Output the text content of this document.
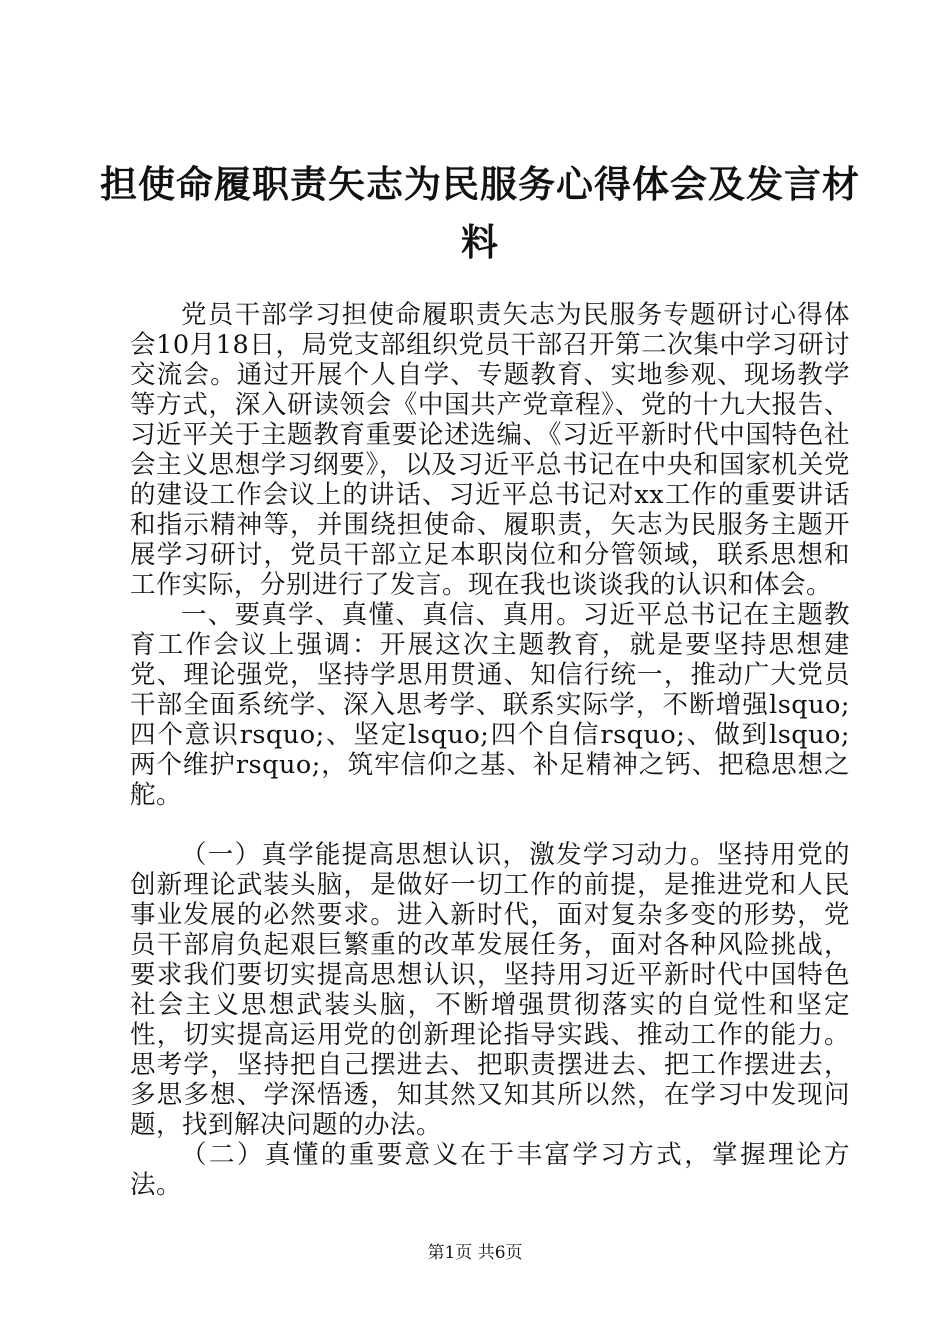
担使命履职责矢志为民服务心得体会及发言材料

党员干部学习担使命履职责矢志为民服务专题研讨心得体会10月18日，局党支部组织党员干部召开第二次集中学习研讨交流会。通过开展个人自学、专题教育、实地参观、现场教学等方式，深入研读领会《中国共产党章程》、党的十九大报告、习近平关于主题教育重要论述选编、《习近平新时代中国特色社会主义思想学习纲要》，以及习近平总书记在中央和国家机关党的建设工作会议上的讲话、习近平总书记对xx工作的重要讲话和指示精神等，并围绕担使命、履职责，矢志为民服务主题开展学习研讨，党员干部立足本职岗位和分管领域，联系思想和工作实际，分别进行了发言。现在我也谈谈我的认识和体会。

一、要真学、真懂、真信、真用。习近平总书记在主题教育工作会议上强调：开展这次主题教育，就是要坚持思想建党、理论强党，坚持学思用贯通、知信行统一，推动广大党员干部全面系统学、深入思考学、联系实际学，不断增强lsquo;四个意识rsquo;、坚定lsquo;四个自信rsquo;、做到lsquo;两个维护rsquo;，筑牢信仰之基、补足精神之钙、把稳思想之舵。

（一）真学能提高思想认识，激发学习动力。坚持用党的创新理论武装头脑，是做好一切工作的前提，是推进党和人民事业发展的必然要求。进入新时代，面对复杂多变的形势，党员干部肩负起艰巨繁重的改革发展任务，面对各种风险挑战，要求我们要切实提高思想认识，坚持用习近平新时代中国特色社会主义思想武装头脑，不断增强贯彻落实的自觉性和坚定性，切实提高运用党的创新理论指导实践、推动工作的能力。思考学，坚持把自己摆进去、把职责摆进去、把工作摆进去，多思多想、学深悟透，知其然又知其所以然，在学习中发现问题，找到解决问题的办法。

（二）真懂的重要意义在于丰富学习方式，掌握理论方法。

第1页 共6页
